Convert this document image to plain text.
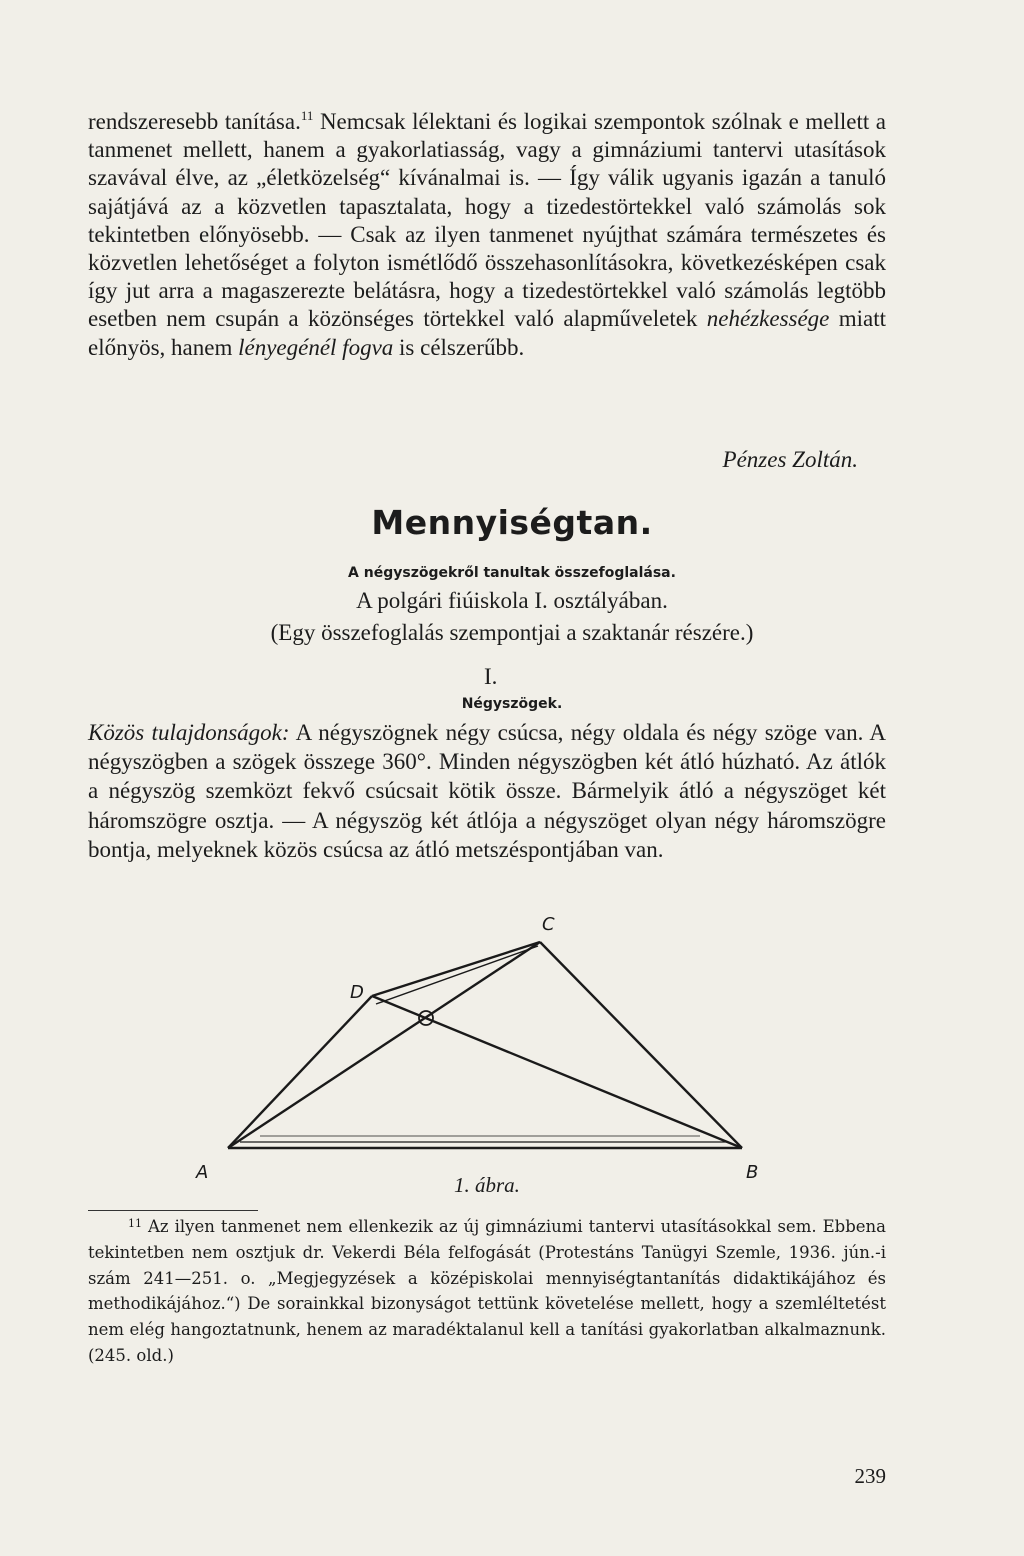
rendszeresebb tanítása.$^{11}$ Nemcsak lélektani és logikai szempontok szólnak e mellett a tanmenet mellett, hanem a gyakorlatiasság, vagy a gimnáziumi tantervi utasítások szavával élve, az „életközelség“ kívánalmai is. — Így válik ugyanis igazán a tanuló sajátjává az a közvetlen tapasztalata, hogy a tizedestörtekkel való számolás sok tekintetben előnyösebb. — Csak az ilyen tanmenet nyújthat számára természetes és közvetlen lehetőséget a folyton ismétlődő összehasonlításokra, következésképen csak így jut arra a magaszerezte belátásra, hogy a tizedestörtekkel való számolás legtöbb esetben nem csupán a közönséges törtekkel való alapműveletek nehézkessége miatt előnyös, hanem lényegénél fogva is célszerűbb.

Pénzes Zoltán.
Mennyiségtan.
A négyszögekről tanultak összefoglalása.
A polgári fiúiskola I. osztályában.
(Egy összefoglalás szempontjai a szaktanár részére.)
I.
Négyszögek.

Közös tulajdonságok: A négyszögnek négy csúcsa, négy oldala és négy szöge van. A négyszögben a szögek összege 360°. Minden négyszögben két átló húzható. Az átlók a négyszög szemközt fekvő csúcsait kötik össze. Bármelyik átló a négyszöget két háromszögre osztja. — A négyszög két átlója a négyszöget olyan négy háromszögre bontja, melyeknek közös csúcsa az átló metszéspontjában van.

A	B
C
D
1. ábra.

$^{11}$ Az ilyen tanmenet nem ellenkezik az új gimnáziumi tantervi utasításokkal sem. Ebbena tekintetben nem osztjuk dr. Vekerdi Béla felfogását (Protestáns Tanügyi Szemle, 1936. jún.-i szám 241—251. o. „Megjegyzések a középiskolai mennyiségtantanítás didaktikájához és methodikájához.“) De sorainkkal bizonyságot tettünk követelése mellett, hogy a szemléltetést nem elég hangoztatnunk, henem az maradéktalanul kell a tanítási gyakorlatban alkalmaznunk. (245. old.)

239
